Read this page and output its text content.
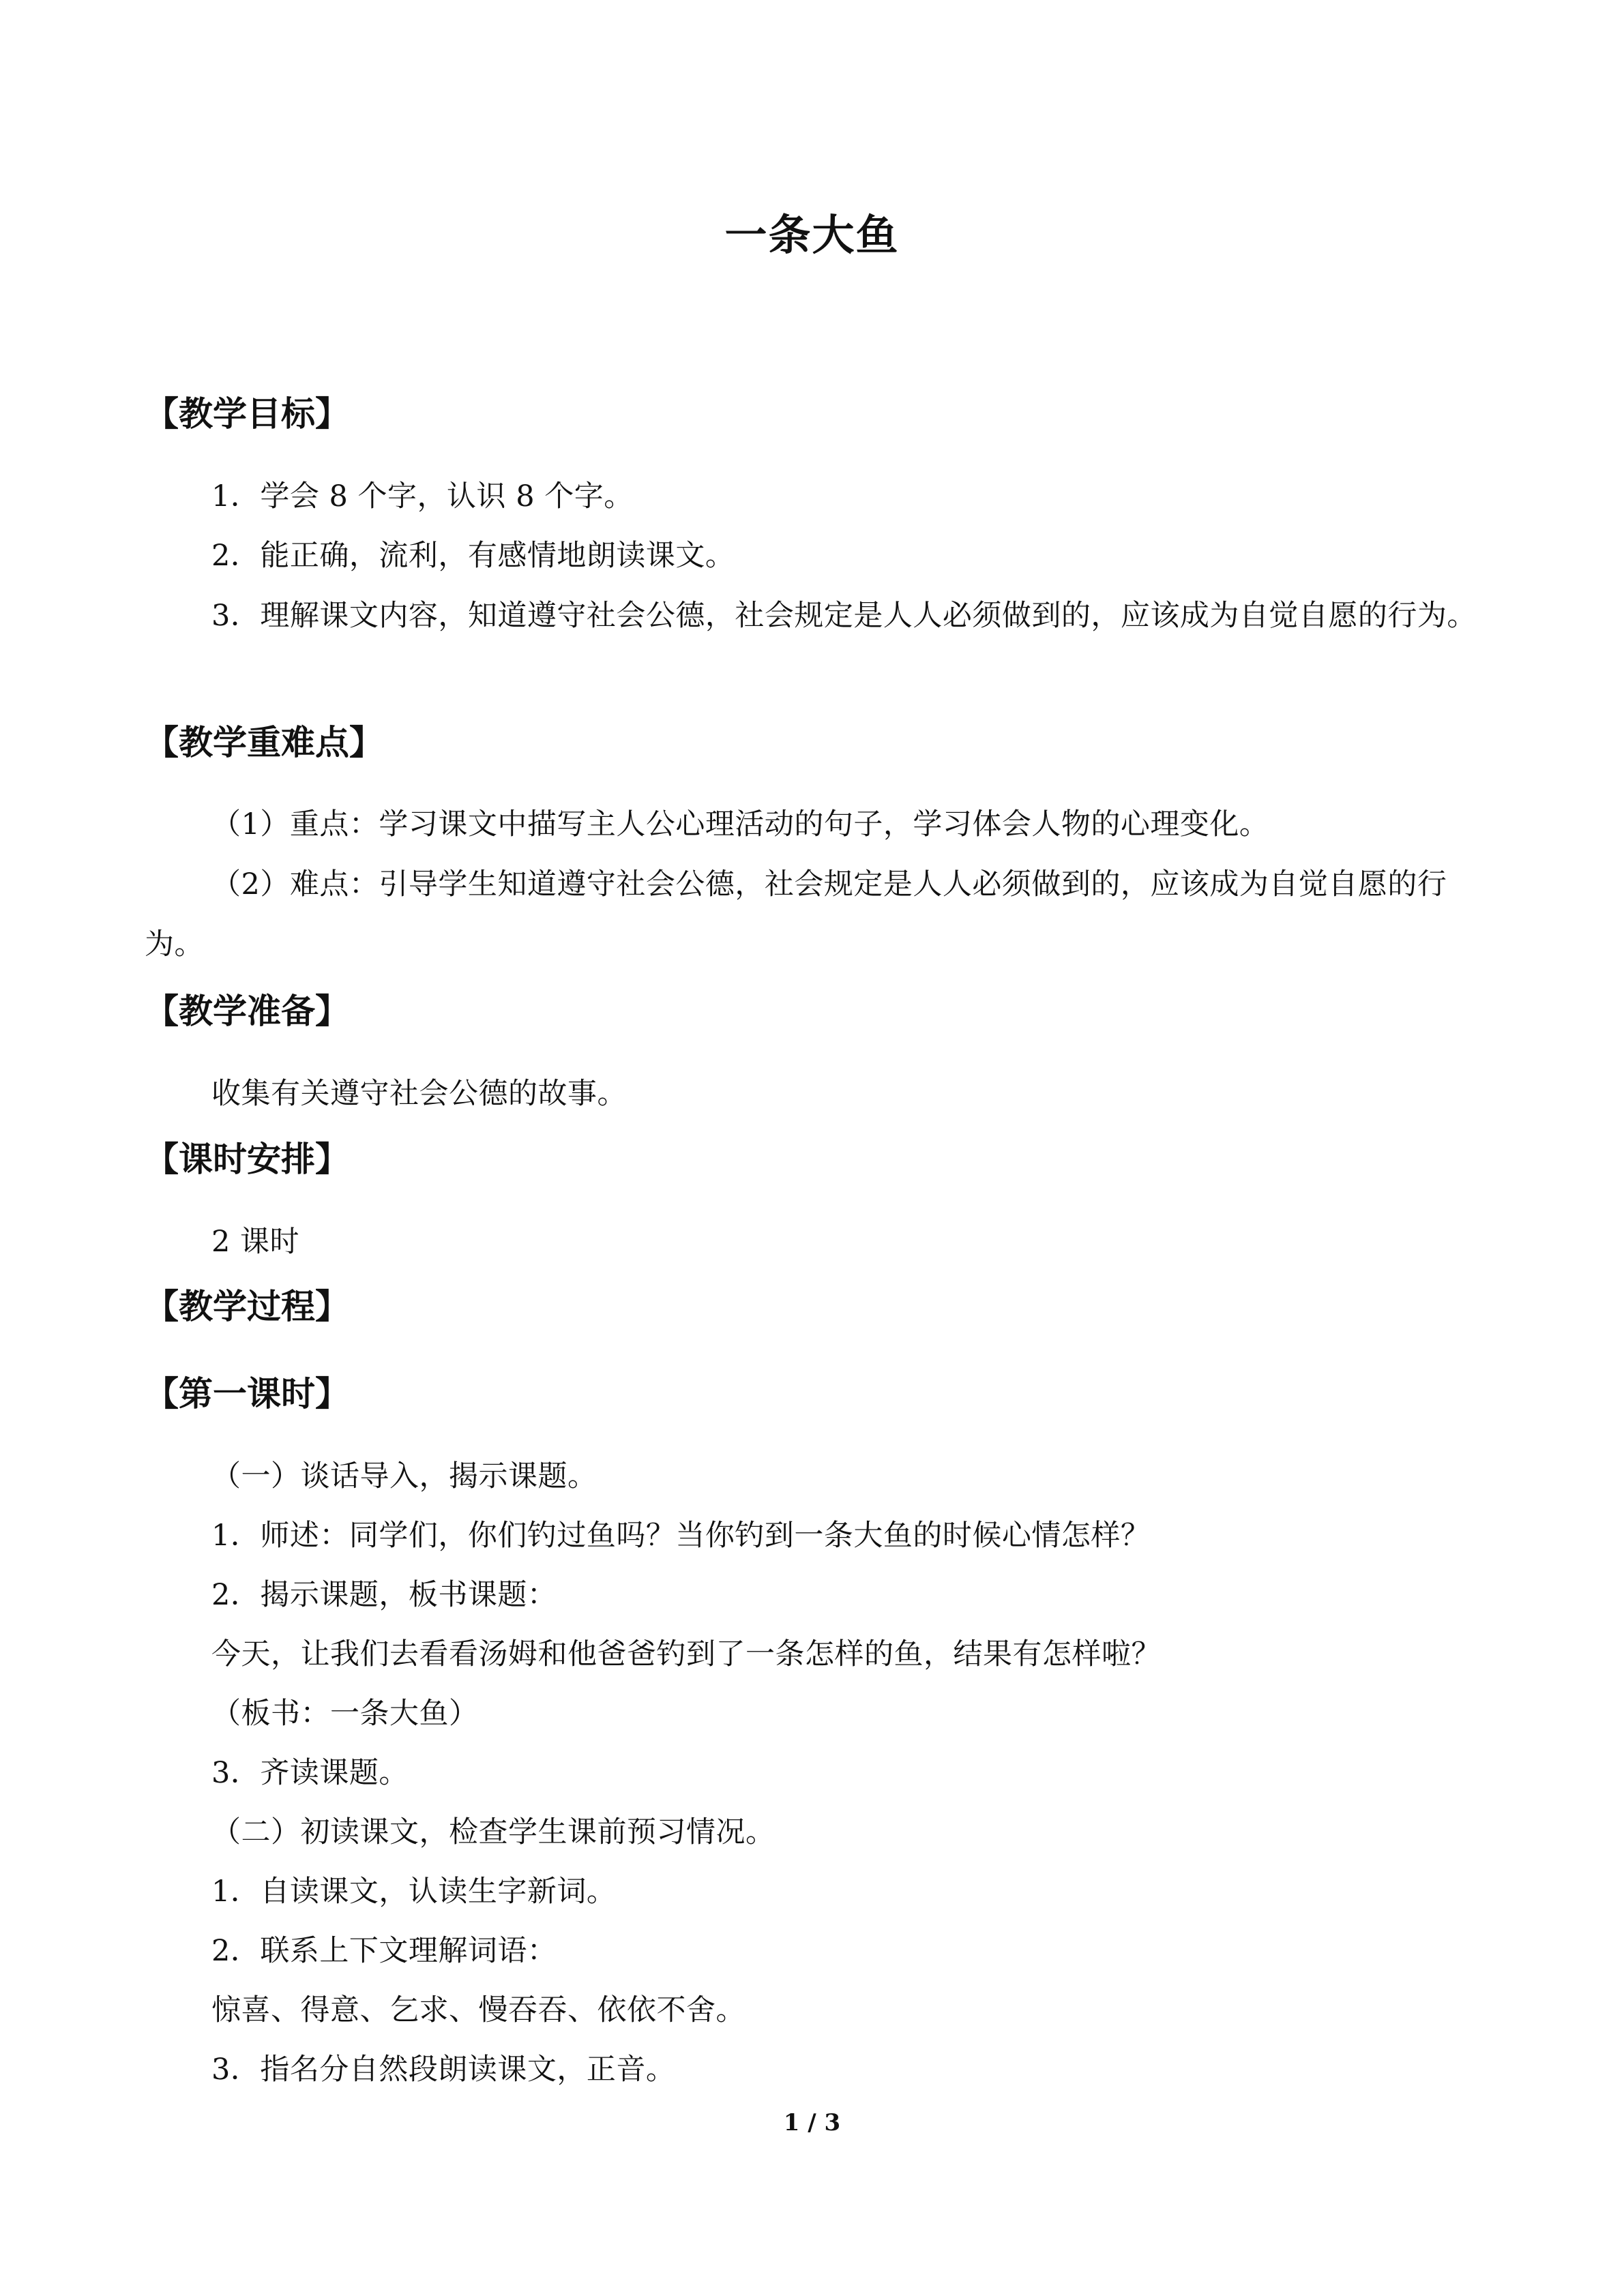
一条大鱼
【教学目标】
1．学会 8 个字，认识 8 个字。
2．能正确，流利，有感情地朗读课文。
3．理解课文内容，知道遵守社会公德，社会规定是人人必须做到的，应该成为自觉自愿的行为。
【教学重难点】
（1）重点：学习课文中描写主人公心理活动的句子，学习体会人物的心理变化。
（2）难点：引导学生知道遵守社会公德，社会规定是人人必须做到的，应该成为自觉自愿的行为。
【教学准备】
收集有关遵守社会公德的故事。
【课时安排】
2 课时
【教学过程】
【第一课时】
（一）谈话导入，揭示课题。
1．师述：同学们，你们钓过鱼吗？当你钓到一条大鱼的时候心情怎样？
2．揭示课题，板书课题：
今天，让我们去看看汤姆和他爸爸钓到了一条怎样的鱼，结果有怎样啦？
（板书：一条大鱼）
3．齐读课题。
（二）初读课文，检查学生课前预习情况。
1．自读课文，认读生字新词。
2．联系上下文理解词语：
惊喜、得意、乞求、慢吞吞、依依不舍。
3．指名分自然段朗读课文，正音。
1 / 3
